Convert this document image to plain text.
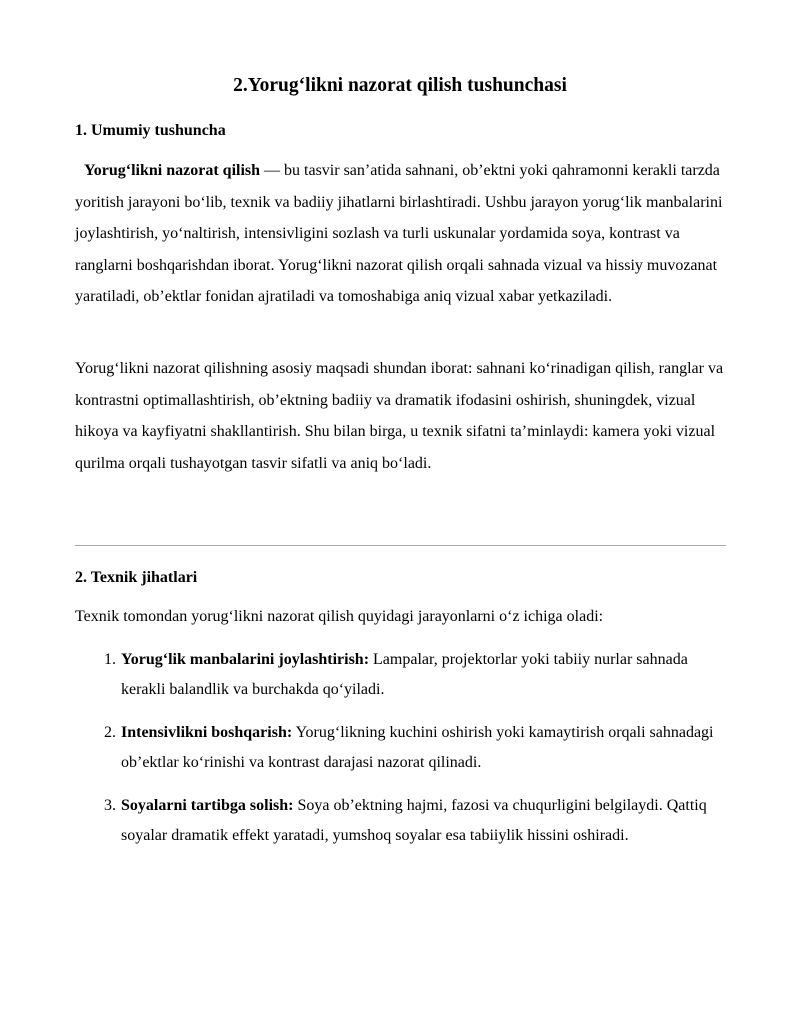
2.Yorug‘likni nazorat qilish tushunchasi
1. Umumiy tushuncha

Yorug‘likni nazorat qilish — bu tasvir san’atida sahnani, ob’ektni yoki qahramonni kerakli tarzda yoritish jarayoni bo‘lib, texnik va badiiy jihatlarni birlashtiradi. Ushbu jarayon yorug‘lik manbalarini joylashtirish, yo‘naltirish, intensivligini sozlash va turli uskunalar yordamida soya, kontrast va ranglarni boshqarishdan iborat. Yorug‘likni nazorat qilish orqali sahnada vizual va hissiy muvozanat yaratiladi, ob’ektlar fonidan ajratiladi va tomoshabiga aniq vizual xabar yetkaziladi.

Yorug‘likni nazorat qilishning asosiy maqsadi shundan iborat: sahnani ko‘rinadigan qilish, ranglar va kontrastni optimallashtirish, ob’ektning badiiy va dramatik ifodasini oshirish, shuningdek, vizual hikoya va kayfiyatni shakllantirish. Shu bilan birga, u texnik sifatni ta’minlaydi: kamera yoki vizual qurilma orqali tushayotgan tasvir sifatli va aniq bo‘ladi.

2. Texnik jihatlari

Texnik tomondan yorug‘likni nazorat qilish quyidagi jarayonlarni o‘z ichiga oladi:

1. Yorug‘lik manbalarini joylashtirish: Lampalar, projektorlar yoki tabiiy nurlar sahnada kerakli balandlik va burchakda qo‘yiladi.
2. Intensivlikni boshqarish: Yorug‘likning kuchini oshirish yoki kamaytirish orqali sahnadagi ob’ektlar ko‘rinishi va kontrast darajasi nazorat qilinadi.
3. Soyalarni tartibga solish: Soya ob’ektning hajmi, fazosi va chuqurligini belgilaydi. Qattiq soyalar dramatik effekt yaratadi, yumshoq soyalar esa tabiiylik hissini oshiradi.
